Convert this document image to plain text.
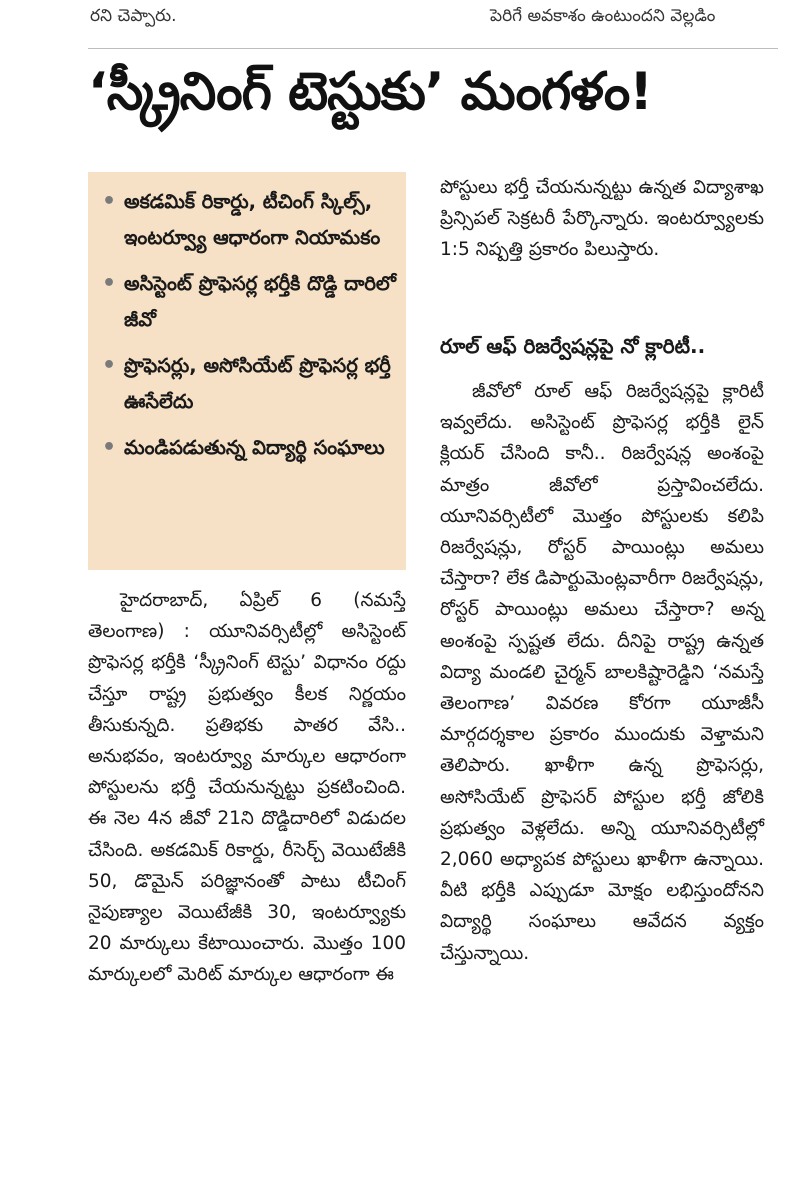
రని చెప్పారు.	పెరిగే అవకాశం ఉంటుందని వెల్లడిం
‘స్క్రీనింగ్ టెస్టుకు’ మంగళం!
• అకడమిక్ రికార్డు, టీచింగ్ స్కిల్స్, ఇంటర్వ్యూ ఆధారంగా నియామకం
• అసిస్టెంట్ ప్రొఫెసర్ల భర్తీకి దొడ్డి దారిలో జీవో
• ప్రొఫెసర్లు, అసోసియేట్ ప్రొఫెసర్ల భర్తీ ఊసేలేదు
• మండిపడుతున్న విద్యార్థి సంఘాలు

హైదరాబాద్, ఏప్రిల్ 6 (నమస్తే తెలంగాణ) : యూనివర్సిటీల్లో అసిస్టెంట్ ప్రొఫెసర్ల భర్తీకి ‘స్క్రీనింగ్ టెస్టు’ విధానం రద్దు చేస్తూ రాష్ట్ర ప్రభుత్వం కీలక నిర్ణయం తీసుకున్నది. ప్రతిభకు పాతర వేసి.. అనుభవం, ఇంటర్వ్యూ మార్కుల ఆధారంగా పోస్టులను భర్తీ చేయనున్నట్టు ప్రకటించింది. ఈ నెల 4న జీవో 21ని దొడ్డిదారిలో విడుదల చేసింది. అకడమిక్ రికార్డు, రీసెర్చ్ వెయిటేజీకి 50, డొమైన్ పరిజ్ఞానంతో పాటు టీచింగ్ నైపుణ్యాల వెయిటేజీకి 30, ఇంటర్వ్యూకు 20 మార్కులు కేటాయించారు. మొత్తం 100 మార్కులలో మెరిట్ మార్కుల ఆధారంగా ఈ

పోస్టులు భర్తీ చేయనున్నట్టు ఉన్నత విద్యాశాఖ ప్రిన్సిపల్ సెక్రటరీ పేర్కొన్నారు. ఇంటర్వ్యూలకు 1:5 నిష్పత్తి ప్రకారం పిలుస్తారు.

రూల్ ఆఫ్ రిజర్వేషన్లపై నో క్లారిటీ..

జీవోలో రూల్ ఆఫ్ రిజర్వేషన్లపై క్లారిటీ ఇవ్వలేదు. అసిస్టెంట్ ప్రొఫెసర్ల భర్తీకి లైన్ క్లియర్ చేసింది కానీ.. రిజర్వేషన్ల అంశంపై మాత్రం జీవోలో ప్రస్తావించలేదు. యూనివర్సిటీలో మొత్తం పోస్టులకు కలిపి రిజర్వేషన్లు, రోస్టర్ పాయింట్లు అమలు చేస్తారా? లేక డిపార్టుమెంట్లవారీగా రిజర్వేషన్లు, రోస్టర్ పాయింట్లు అమలు చేస్తారా? అన్న అంశంపై స్పష్టత లేదు. దీనిపై రాష్ట్ర ఉన్నత విద్యా మండలి చైర్మన్ బాలకిష్టారెడ్డిని ‘నమస్తే తెలంగాణ’ వివరణ కోరగా యూజీసీ మార్గదర్శకాల ప్రకారం ముందుకు వెళ్తామని తెలిపారు. ఖాళీగా ఉన్న ప్రొఫెసర్లు, అసోసియేట్ ప్రొఫెసర్ పోస్టుల భర్తీ జోలికి ప్రభుత్వం వెళ్లలేదు. అన్ని యూనివర్సిటీల్లో 2,060 అధ్యాపక పోస్టులు ఖాళీగా ఉన్నాయి. వీటి భర్తీకి ఎప్పుడూ మోక్షం లభిస్తుందోనని విద్యార్థి సంఘాలు ఆవేదన వ్యక్తం చేస్తున్నాయి.
